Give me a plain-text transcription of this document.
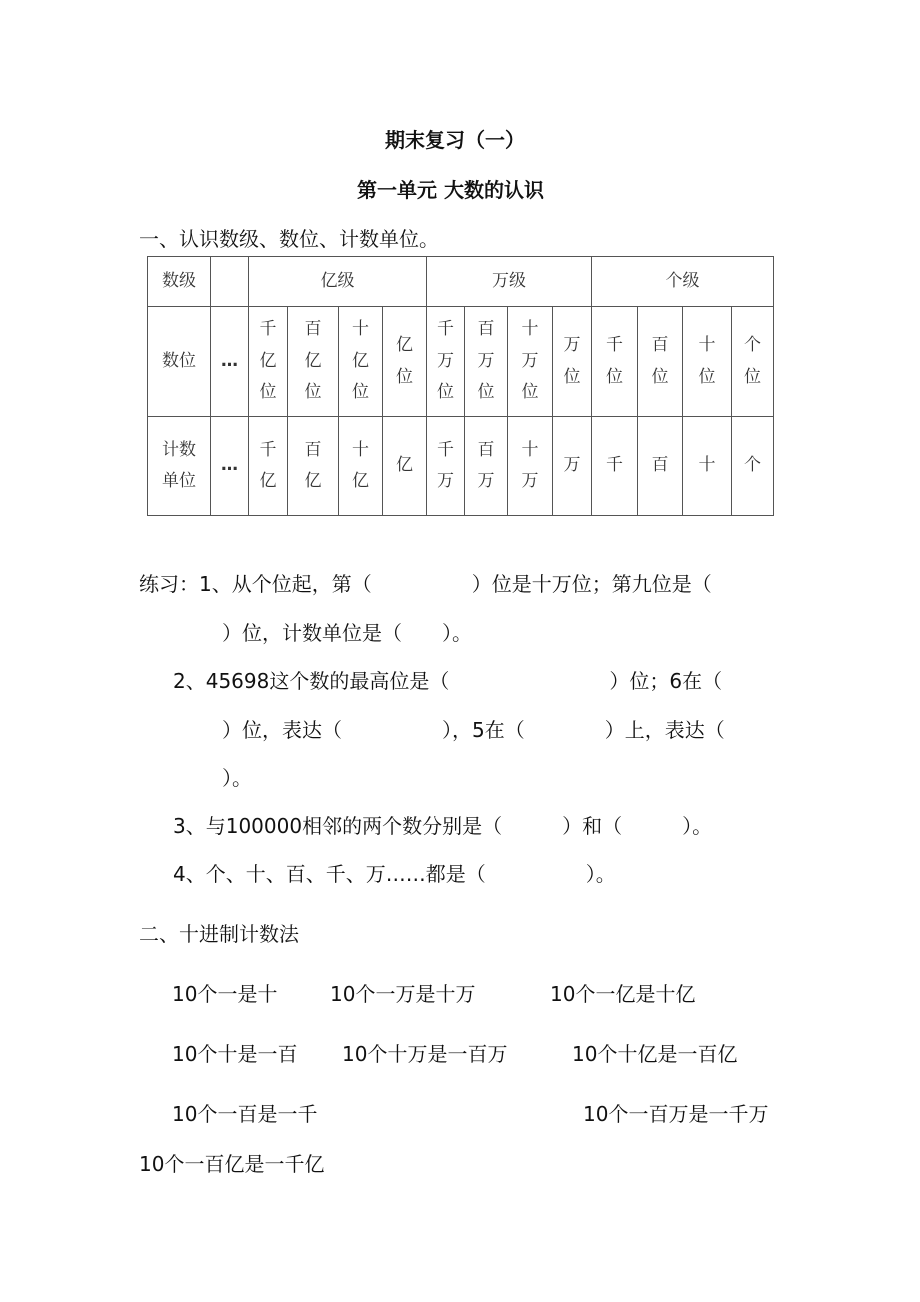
期末复习（一）
第一单元 大数的认识
一、认识数级、数位、计数单位。
数级		亿级				万级				个级			
数位	…	千亿位	百亿位	十亿位	亿位	千万位	百万位	十万位	万位	千位	百位	十位	个位
计数单位	…	千亿	百亿	十亿	亿	千万	百万	十万	万	千	百	十	个
练习：1、从个位起，第（　　　　　）位是十万位；第九位是（
）位，计数单位是（　　）。
2、45698这个数的最高位是（　　　　　　　　）位；6在（
）位，表达（　　　　　），5在（　　　　）上，表达（
）。
3、与100000相邻的两个数分别是（　　　）和（　　　）。
4、个、十、百、千、万……都是（　　　　　）。
二、十进制计数法
10个一是十	10个一万是十万	10个一亿是十亿
10个十是一百 10个十万是一百万	10个十亿是一百亿
10个一百是一千	10个一百万是一千万
10个一百亿是一千亿
